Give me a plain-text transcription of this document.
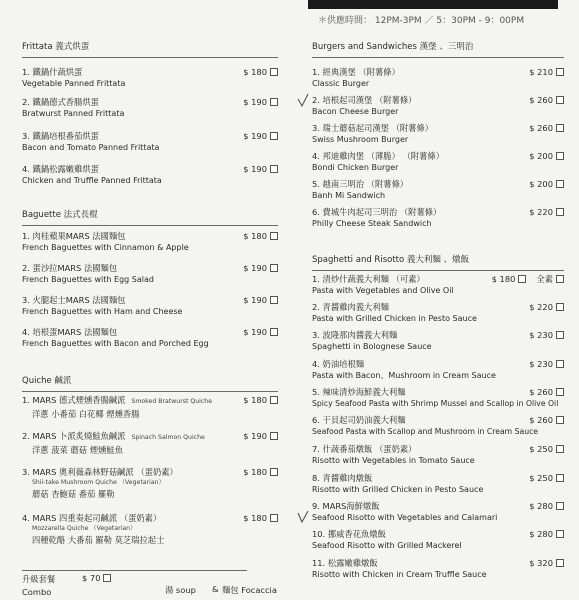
＊供應時間： 12PM-3PM ／ 5：30PM - 9：00PM
Frittata 義式烘蛋
1. 鐵鍋什蔬烘蛋
Vegetable Panned Frittata
$ 180
2. 鐵鍋德式香腸烘蛋
Bratwurst Panned Frittata
$ 190
3. 鐵鍋培根番茄烘蛋
Bacon and Tomato Panned Frittata
$ 190
4. 鐵鍋松露嫩雞烘蛋
Chicken and Truffle Panned Frittata
$ 190
Baguette 法式長棍
1. 肉桂蘋果MARS 法國麵包
French Baguettes with Cinnamon & Apple
$ 180
2. 蛋沙拉MARS 法國麵包
French Baguettes with Egg Salad
$ 190
3. 火腿起士MARS 法國麵包
French Baguettes with Ham and Cheese
$ 190
4. 培根蛋MARS 法國麵包
French Baguettes with Bacon and Porched Egg
$ 190
Quiche 鹹派
1. MARS 德式煙燻香腸鹹派 Smoked Bratwurst Quiche
洋蔥 小番茄 白花椰 煙燻香腸
$ 180
2. MARS 卜派炙燒鮭魚鹹派 Spinach Salmon Quiche
洋蔥 菠菜 蘑菇 煙燻鮭魚
$ 190
3. MARS 奧利薇森林野菇鹹派 （蛋奶素）
Shii-take Mushroom Quiche （Vegetarian）
蘑菇 杏鮑菇 番茄 羅勒
$ 180
4. MARS 四重奏起司鹹派 （蛋奶素）
Mozzarella Quiche （Vegetarian）
四種乾酪 大番茄 羅勒 莫芝瑞拉起士
$ 180
升級套餐	$ 70
Combo	湯 soup & 麵包 Focaccia
Burgers and Sandwiches 漢堡 、三明治
1. 經典漢堡 （附薯條）
Classic Burger
$ 210
2. 培根起司漢堡 （附薯條）
Bacon Cheese Burger
$ 260
3. 瑞士蘑菇起司漢堡 （附薯條）
Swiss Mushroom Burger
$ 260
4. 邦迪雞肉堡 （薄脆） （附薯條）
Bondi Chicken Burger
$ 200
5. 越南三明治 （附薯條）
Banh Mi Sandwich
$ 200
6. 費城牛肉起司三明治 （附薯條）
Philly Cheese Steak Sandwich
$ 220
Spaghetti and Risotto 義大利麵 、燉飯
1. 清炒什蔬義大利麵 （可素）
Pasta with Vegetables and Olive Oil
$ 180	全素
2. 青醬雞肉義大利麵
Pasta with Grilled Chicken in Pesto Sauce
$ 220
3. 波隆那肉醬義大利麵
Spaghetti in Bolognese Sauce
$ 230
4. 奶油培根麵
Pasta with Bacon、Mushroom in Cream Sauce
$ 230
5. 辣味清炒海鮮義大利麵
Spicy Seafood Pasta with Shrimp Mussel and Scallop in Olive Oil
$ 260
6. 干貝起司奶油義大利麵
Seafood Pasta with Scallop and Mushroom in Cream Sauce
$ 260
7. 什蔬番茄燉飯 （蛋奶素）
Risotto with Vegetables in Tomato Sauce
$ 250
8. 青醬雞肉燉飯
Risotto with Grilled Chicken in Pesto Sauce
$ 250
9. MARS海鮮燉飯
Seafood Risotto with Vegetables and Calamari
$ 280
10. 挪威香花魚燉飯
Seafood Risotto with Grilled Mackerel
$ 280
11. 松露嫩雞燉飯
Risotto with Chicken in Cream Truffle Sauce
$ 320
